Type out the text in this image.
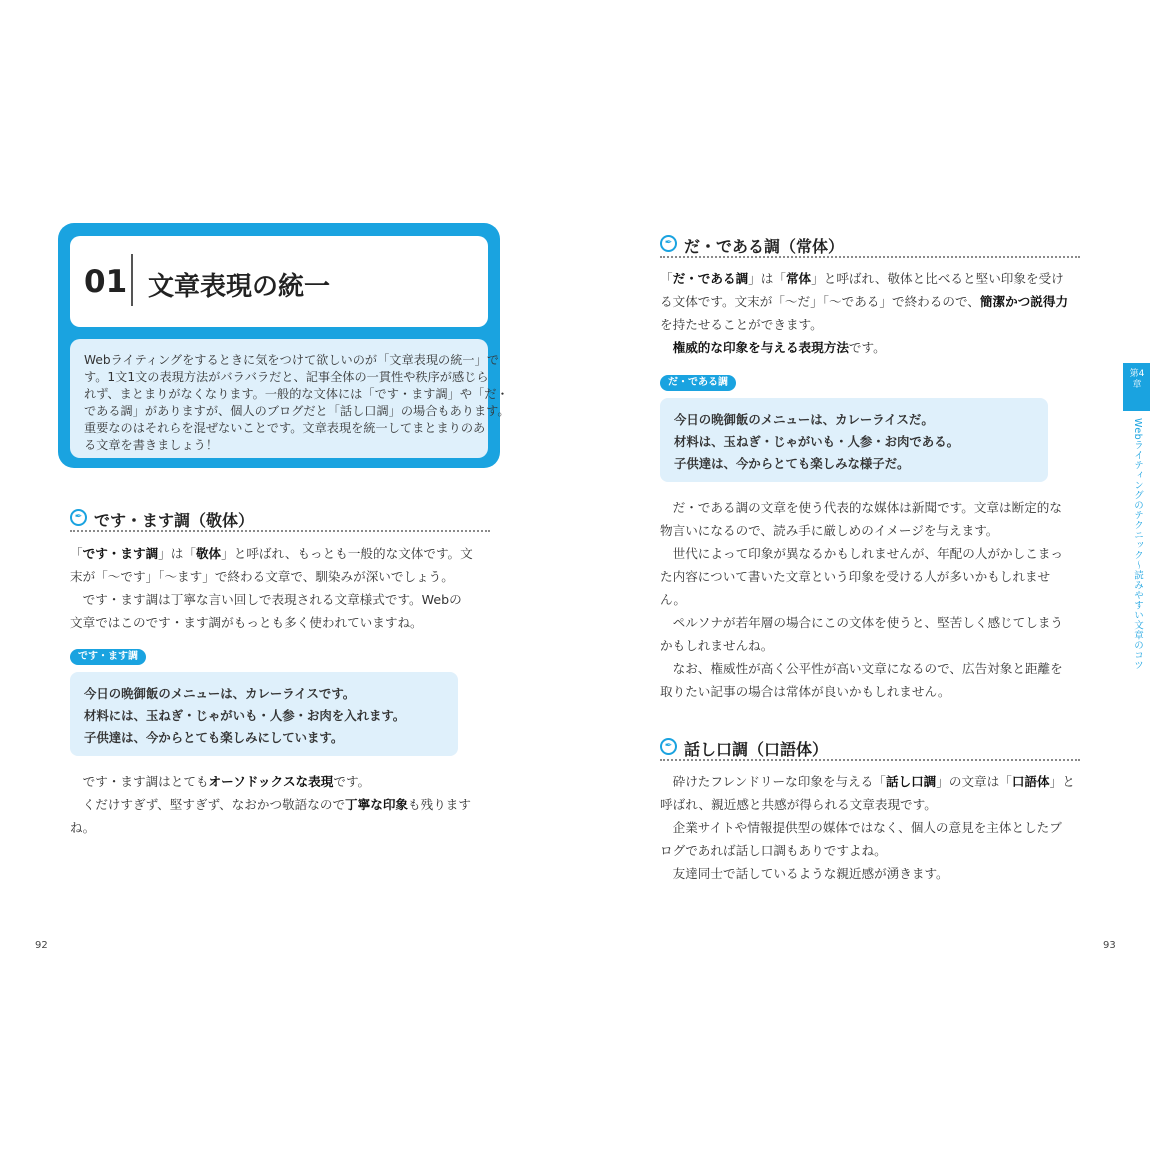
01 文章表現の統一
Webライティングをするときに気をつけて欲しいのが「文章表現の統一」で
す。1文1文の表現方法がバラバラだと、記事全体の一貫性や秩序が感じら
れず、まとまりがなくなります。一般的な文体には「です・ます調」や「だ・
である調」がありますが、個人のブログだと「話し口調」の場合もあります。
重要なのはそれらを混ぜないことです。文章表現を統一してまとまりのあ
る文章を書きましょう！
✒ です・ます調（敬体）
「です・ます調」は「敬体」と呼ばれ、もっとも一般的な文体です。文
末が「〜です」「〜ます」で終わる文章で、馴染みが深いでしょう。
　です・ます調は丁寧な言い回しで表現される文章様式です。Webの
文章ではこのです・ます調がもっとも多く使われていますね。
です・ます調
今日の晩御飯のメニューは、カレーライスです。
材料には、玉ねぎ・じゃがいも・人参・お肉を入れます。
子供達は、今からとても楽しみにしています。
　です・ます調はとてもオーソドックスな表現です。
　くだけすぎず、堅すぎず、なおかつ敬語なので丁寧な印象も残ります
ね。
92
✒ だ・である調（常体）
「だ・である調」は「常体」と呼ばれ、敬体と比べると堅い印象を受け
る文体です。文末が「〜だ」「〜である」で終わるので、簡潔かつ説得力
を持たせることができます。
　権威的な印象を与える表現方法です。
だ・である調
今日の晩御飯のメニューは、カレーライスだ。
材料は、玉ねぎ・じゃがいも・人参・お肉である。
子供達は、今からとても楽しみな様子だ。
　だ・である調の文章を使う代表的な媒体は新聞です。文章は断定的な
物言いになるので、読み手に厳しめのイメージを与えます。
　世代によって印象が異なるかもしれませんが、年配の人がかしこまっ
た内容について書いた文章という印象を受ける人が多いかもしれませ
ん。
　ペルソナが若年層の場合にこの文体を使うと、堅苦しく感じてしまう
かもしれませんね。
　なお、権威性が高く公平性が高い文章になるので、広告対象と距離を
取りたい記事の場合は常体が良いかもしれません。
✒ 話し口調（口語体）
　砕けたフレンドリーな印象を与える「話し口調」の文章は「口語体」と
呼ばれ、親近感と共感が得られる文章表現です。
　企業サイトや情報提供型の媒体ではなく、個人の意見を主体としたブ
ログであれば話し口調もありですよね。
　友達同士で話しているような親近感が湧きます。
第4章
Webライティングのテクニック〜読みやすい文章のコツ
93
